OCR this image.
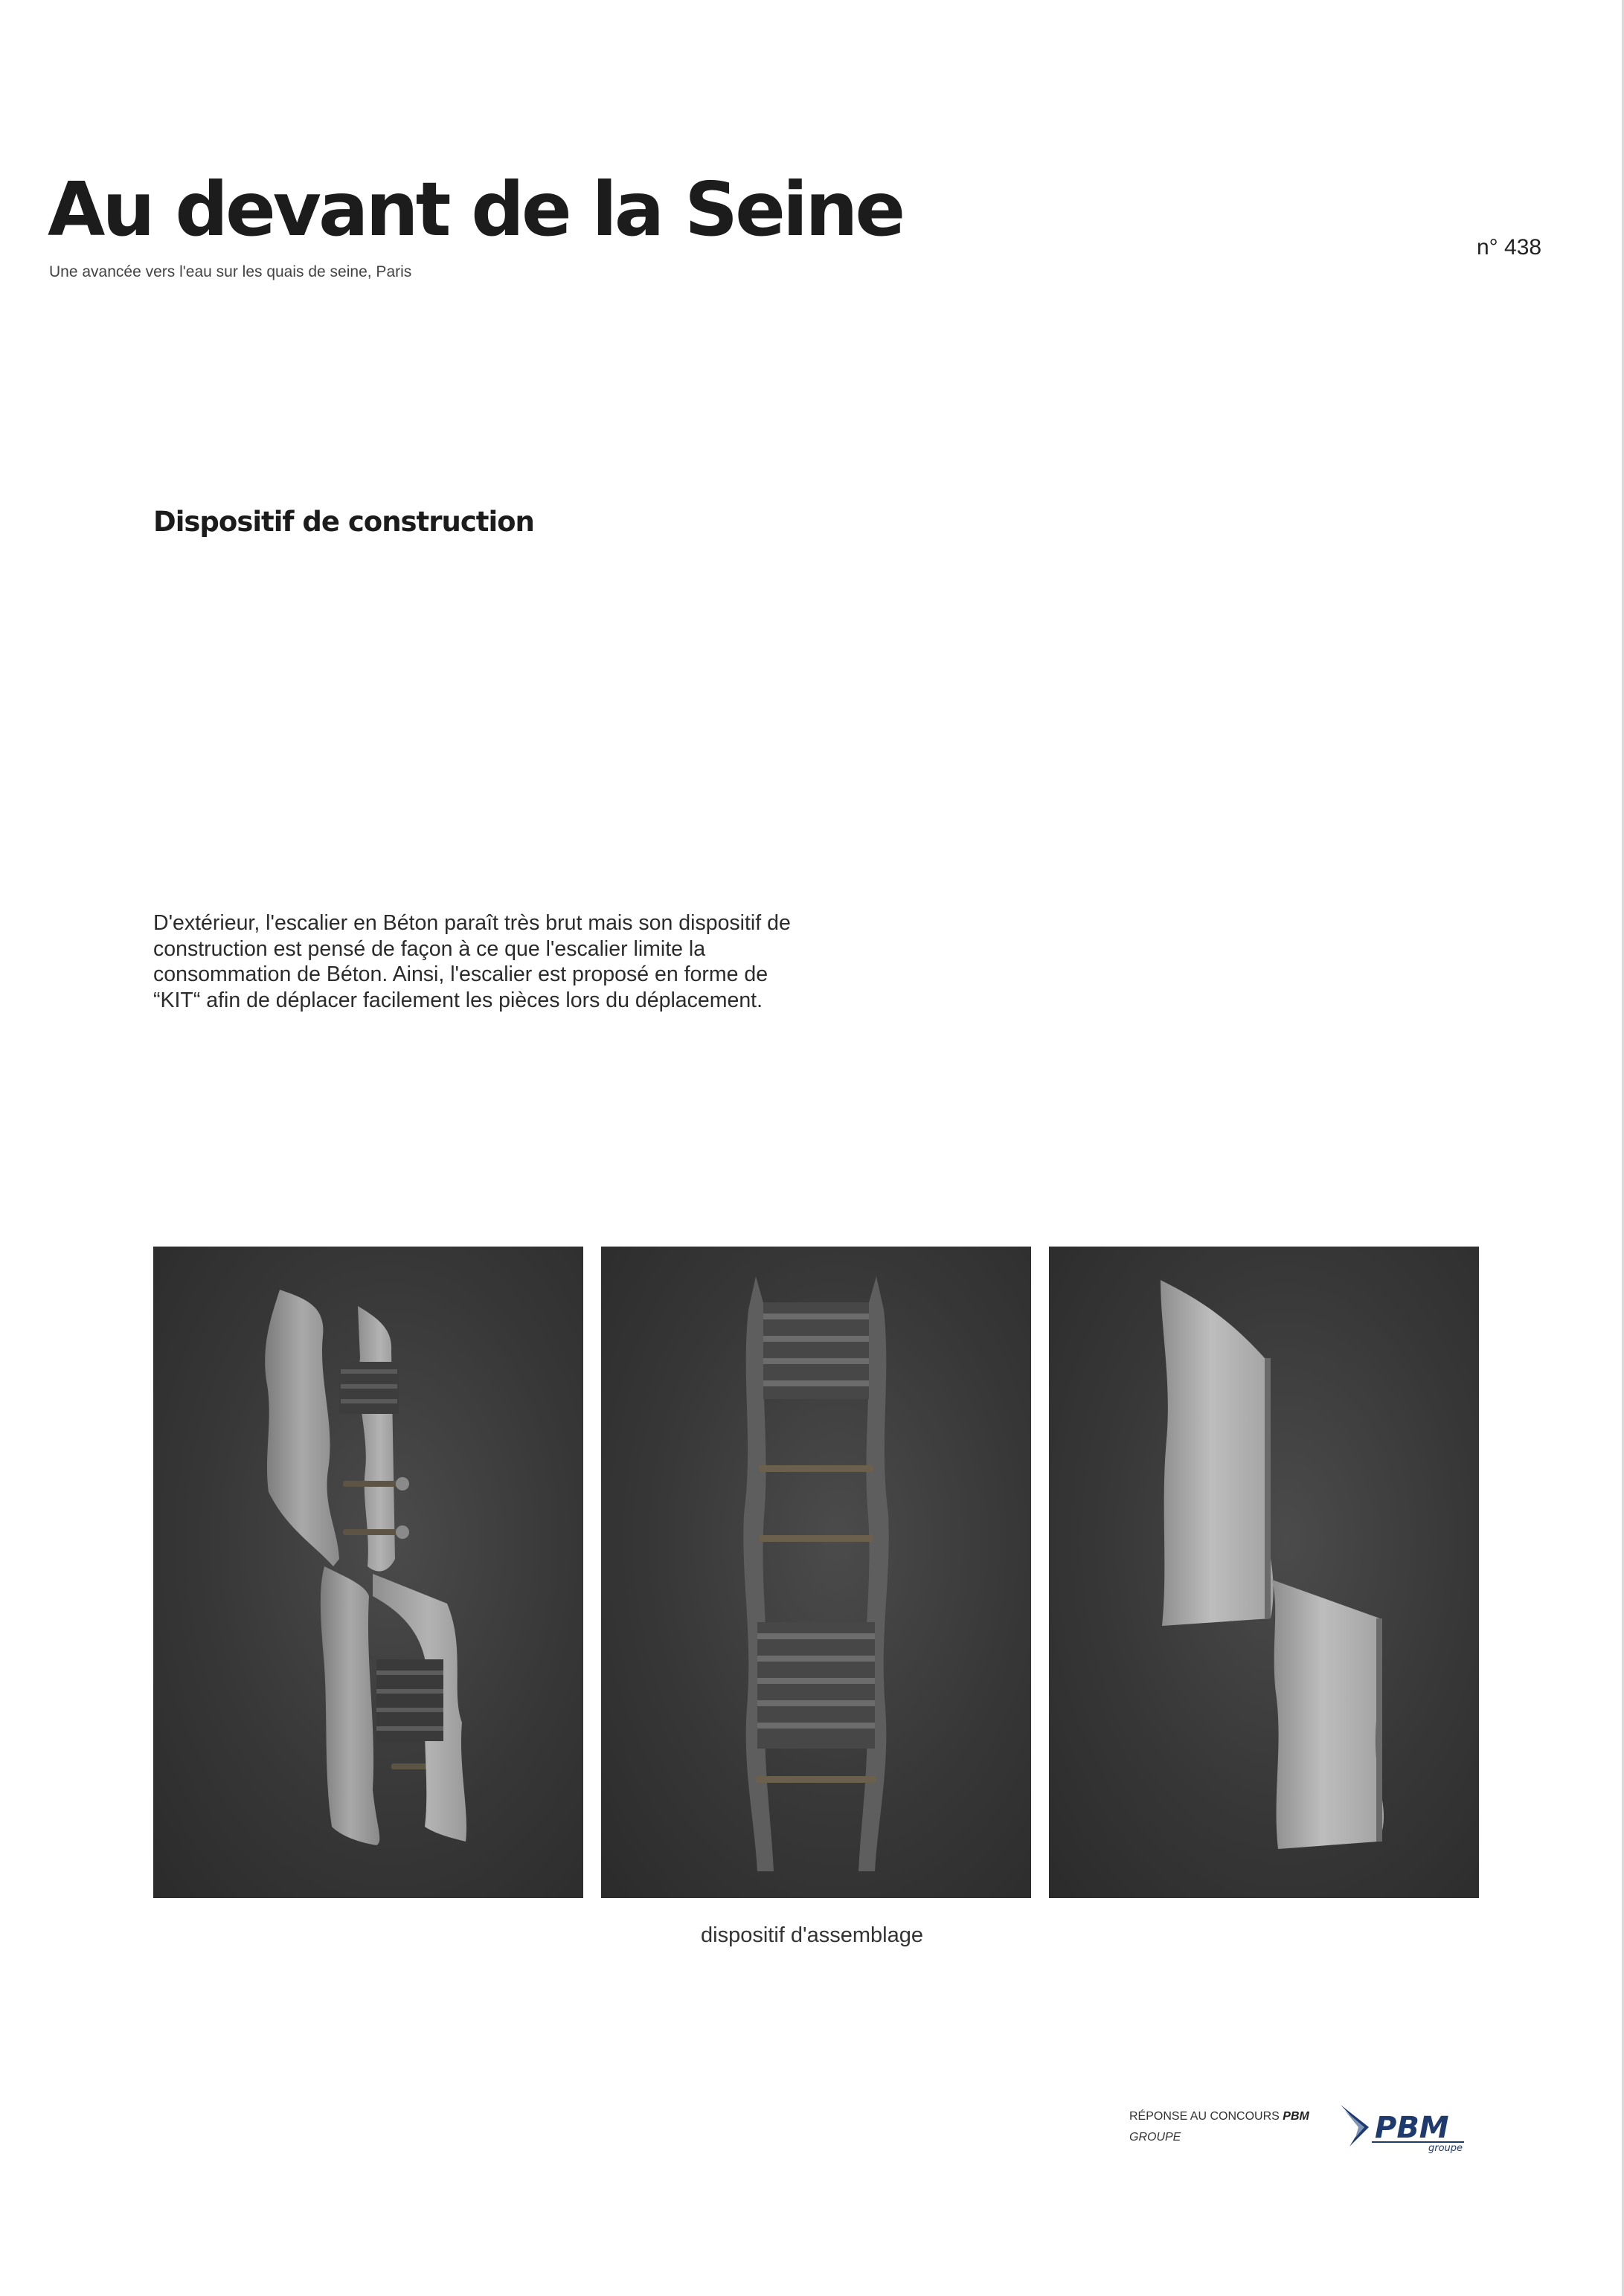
Au devant de la Seine
Une avancée vers l'eau sur les quais de seine, Paris
n° 438
Dispositif de construction

D'extérieur, l'escalier en Béton paraît très brut mais son dispositif de construction est pensé de façon à ce que l'escalier limite la consommation de Béton. Ainsi, l'escalier est proposé en forme de “KIT“ afin de déplacer facilement les pièces lors du déplacement.

dispositif d'assemblage
RÉPONSE AU CONCOURS PBM
GROUPE	PBM
groupe
